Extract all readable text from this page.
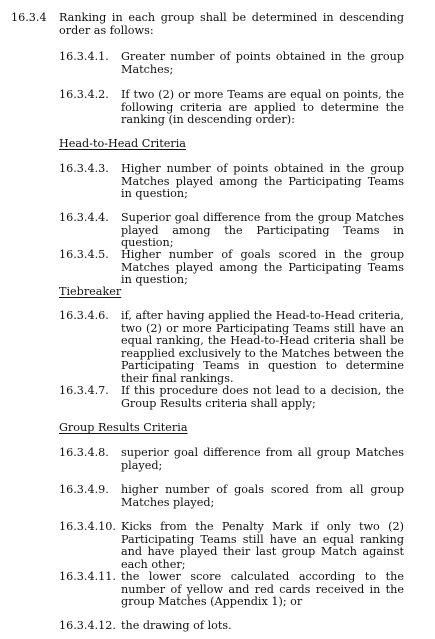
16.3.4 Ranking in each group shall be determined in descending order as follows:
16.3.4.1. Greater number of points obtained in the group Matches;
16.3.4.2. If two (2) or more Teams are equal on points, the following criteria are applied to determine the ranking (in descending order):
Head-to-Head Criteria
16.3.4.3. Higher number of points obtained in the group Matches played among the Participating Teams in question;
16.3.4.4. Superior goal difference from the group Matches played among the Participating Teams in question;
16.3.4.5. Higher number of goals scored in the group Matches played among the Participating Teams in question;
Tiebreaker
16.3.4.6. if, after having applied the Head-to-Head criteria, two (2) or more Participating Teams still have an equal ranking, the Head-to-Head criteria shall be reapplied exclusively to the Matches between the Participating Teams in question to determine their final rankings.
16.3.4.7. If this procedure does not lead to a decision, the Group Results criteria shall apply;
Group Results Criteria
16.3.4.8. superior goal difference from all group Matches played;
16.3.4.9. higher number of goals scored from all group Matches played;
16.3.4.10. Kicks from the Penalty Mark if only two (2) Participating Teams still have an equal ranking and have played their last group Match against each other;
16.3.4.11. the lower score calculated according to the number of yellow and red cards received in the group Matches (Appendix 1); or
16.3.4.12. the drawing of lots.
